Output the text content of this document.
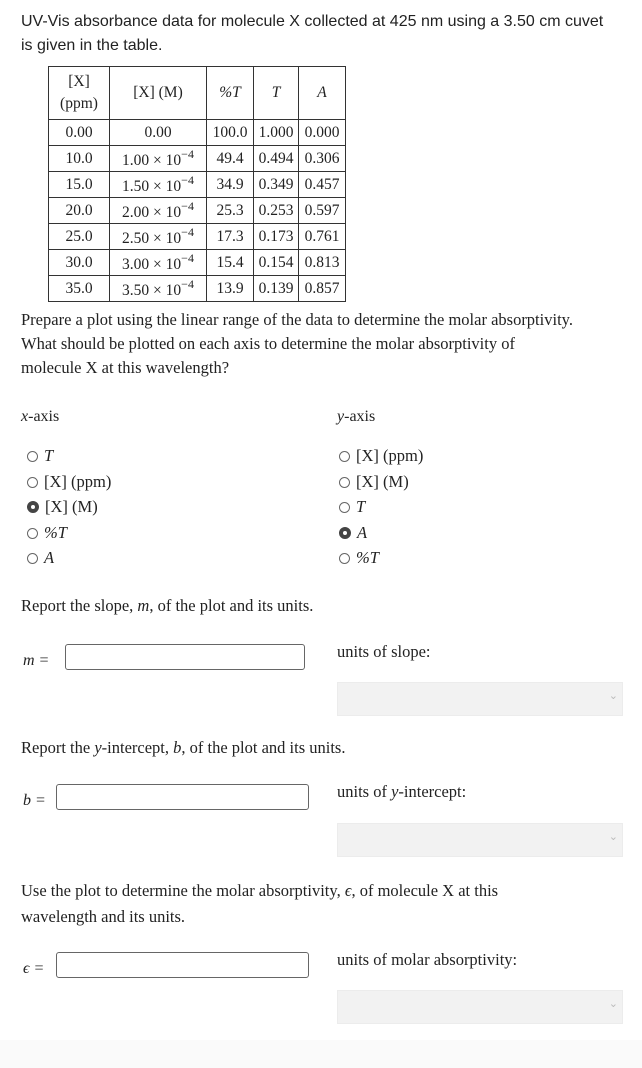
UV-Vis absorbance data for molecule X collected at 425 nm using a 3.50 cm cuvet
is given in the table.
[X]
(ppm)	[X] (M)	%T	T	A
0.00	0.00	100.0	1.000	0.000
10.0	$1.00 \times 10^{-4}$	49.4	0.494	0.306
15.0	$1.50 \times 10^{-4}$	34.9	0.349	0.457
20.0	$2.00 \times 10^{-4}$	25.3	0.253	0.597
25.0	$2.50 \times 10^{-4}$	17.3	0.173	0.761
30.0	$3.00 \times 10^{-4}$	15.4	0.154	0.813
35.0	$3.50 \times 10^{-4}$	13.9	0.139	0.857
Prepare a plot using the linear range of the data to determine the molar absorptivity.
What should be plotted on each axis to determine the molar absorptivity of
molecule X at this wavelength?
x-axis	y-axis
T
[X] (ppm)
[X] (M)
%T
A
[X] (ppm)
[X] (M)
T
A
%T
Report the slope, m, of the plot and its units.
m =	units of slope:
⌄
Report the y-intercept, b, of the plot and its units.
b =	units of y-intercept:
⌄
Use the plot to determine the molar absorptivity, ϵ, of molecule X at this
wavelength and its units.
ϵ =	units of molar absorptivity:
⌄
